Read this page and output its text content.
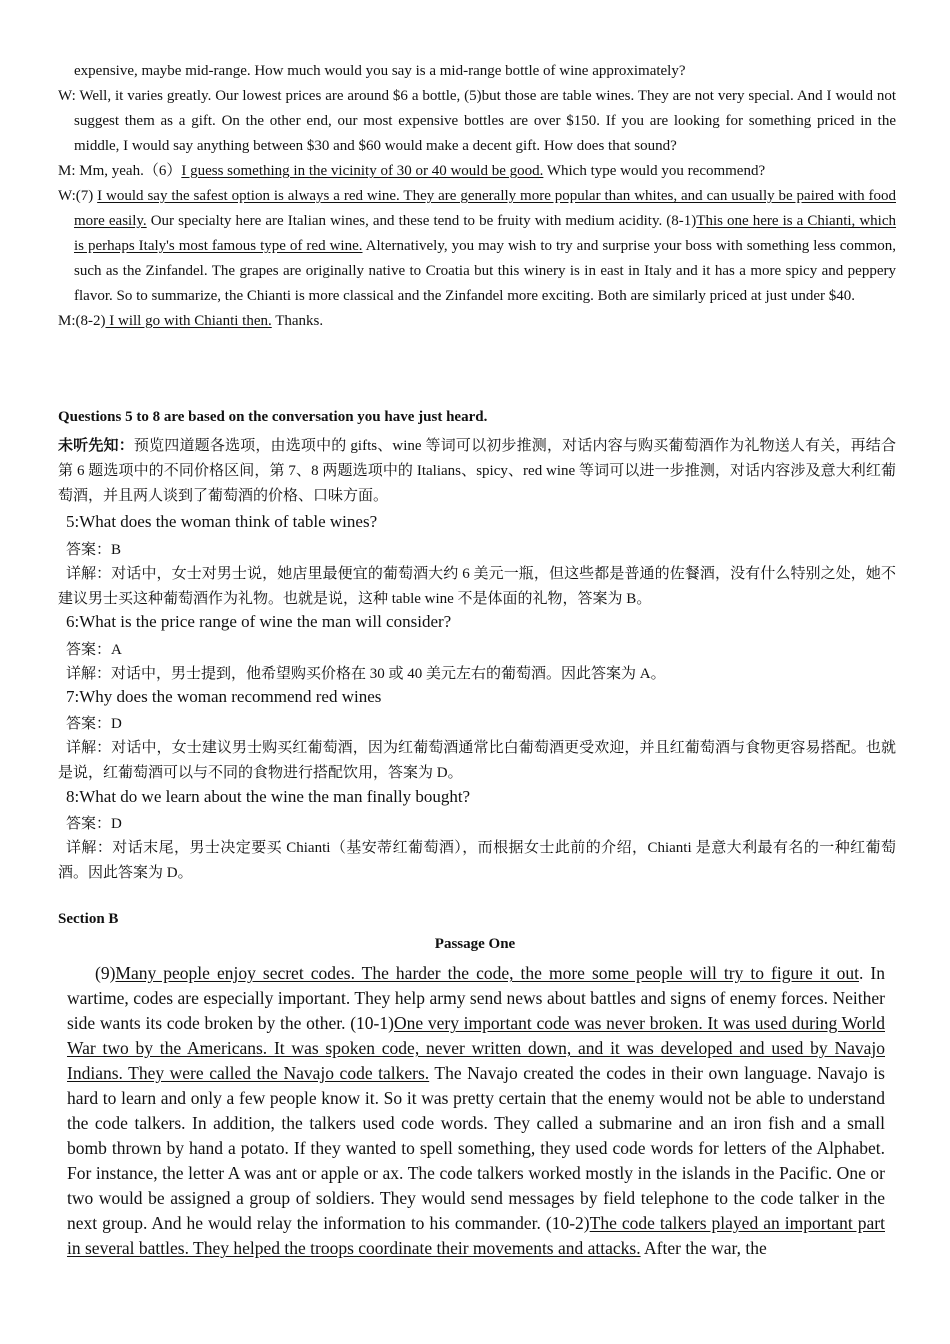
expensive, maybe mid-range. How much would you say is a mid-range bottle of wine approximately?

W: Well, it varies greatly. Our lowest prices are around $6 a bottle, (5)but those are table wines. They are not very special. And I would not suggest them as a gift. On the other end, our most expensive bottles are over $150. If you are looking for something priced in the middle, I would say anything between $30 and $60 would make a decent gift. How does that sound?

M: Mm, yeah.（6）I guess something in the vicinity of 30 or 40 would be good. Which type would you recommend?

W:(7) I would say the safest option is always a red wine. They are generally more popular than whites, and can usually be paired with food more easily. Our specialty here are Italian wines, and these tend to be fruity with medium acidity. (8-1)This one here is a Chianti, which is perhaps Italy's most famous type of red wine. Alternatively, you may wish to try and surprise your boss with something less common, such as the Zinfandel. The grapes are originally native to Croatia but this winery is in east in Italy and it has a more spicy and peppery flavor. So to summarize, the Chianti is more classical and the Zinfandel more exciting. Both are similarly priced at just under $40.

M:(8-2) I will go with Chianti then. Thanks.

Questions 5 to 8 are based on the conversation you have just heard.
未听先知：预览四道题各选项，由选项中的 gifts、wine 等词可以初步推测，对话内容与购买葡萄酒作为礼物送人有关，再结合第 6 题选项中的不同价格区间，第 7、8 两题选项中的 Italians、spicy、red wine 等词可以进一步推测，对话内容涉及意大利红葡萄酒，并且两人谈到了葡萄酒的价格、口味方面。
5:What does the woman think of table wines?
答案：B
详解：对话中，女士对男士说，她店里最便宜的葡萄酒大约 6 美元一瓶，但这些都是普通的佐餐酒，没有什么特别之处，她不建议男士买这种葡萄酒作为礼物。也就是说，这种 table wine 不是体面的礼物，答案为 B。
6:What is the price range of wine the man will consider?
答案：A
详解：对话中，男士提到，他希望购买价格在 30 或 40 美元左右的葡萄酒。因此答案为 A。
7:Why does the woman recommend red wines
答案：D
详解：对话中，女士建议男士购买红葡萄酒，因为红葡萄酒通常比白葡萄酒更受欢迎，并且红葡萄酒与食物更容易搭配。也就是说，红葡萄酒可以与不同的食物进行搭配饮用，答案为 D。
8:What do we learn about the wine the man finally bought?
答案：D
详解：对话末尾，男士决定要买 Chianti（基安蒂红葡萄酒），而根据女士此前的介绍，Chianti 是意大利最有名的一种红葡萄酒。因此答案为 D。
Section B
Passage One
(9)Many people enjoy secret codes. The harder the code, the more some people will try to figure it out. In wartime, codes are especially important. They help army send news about battles and signs of enemy forces. Neither side wants its code broken by the other. (10-1)One very important code was never broken. It was used during World War two by the Americans. It was spoken code, never written down, and it was developed and used by Navajo Indians. They were called the Navajo code talkers. The Navajo created the codes in their own language. Navajo is hard to learn and only a few people know it. So it was pretty certain that the enemy would not be able to understand the code talkers. In addition, the talkers used code words. They called a submarine and an iron fish and a small bomb thrown by hand a potato. If they wanted to spell something, they used code words for letters of the Alphabet. For instance, the letter A was ant or apple or ax. The code talkers worked mostly in the islands in the Pacific. One or two would be assigned a group of soldiers. They would send messages by field telephone to the code talker in the next group. And he would relay the information to his commander. (10-2)The code talkers played an important part in several battles. They helped the troops coordinate their movements and attacks. After the war, the
